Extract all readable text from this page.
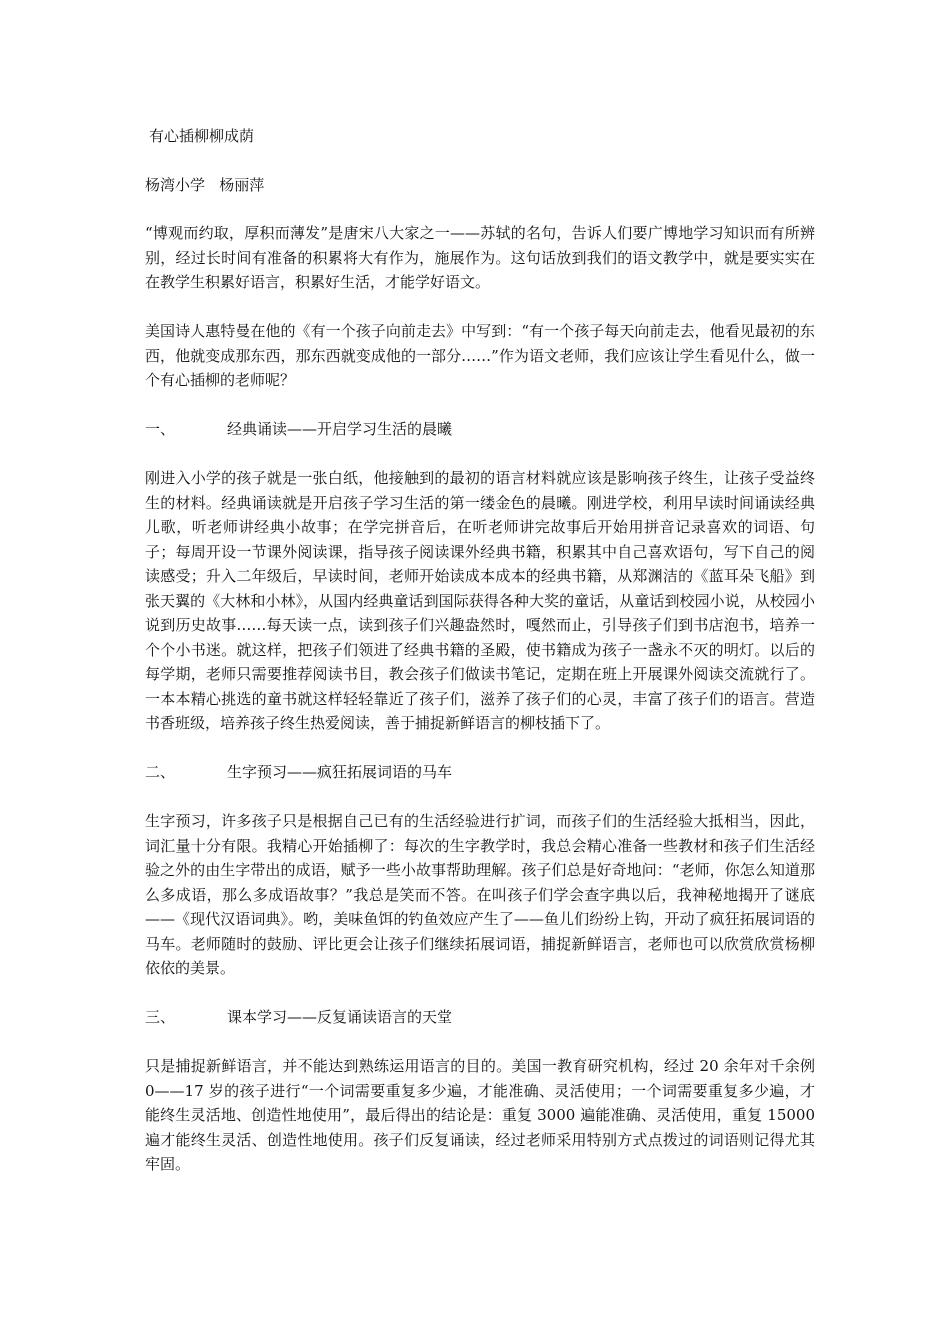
有心插柳柳成荫
杨湾小学   杨丽萍

“博观而约取，厚积而薄发”是唐宋八大家之一——苏轼的名句，告诉人们要广博地学习知识而有所辨别，经过长时间有准备的积累将大有作为，施展作为。这句话放到我们的语文教学中，就是要实实在在教学生积累好语言，积累好生活，才能学好语文。

美国诗人惠特曼在他的《有一个孩子向前走去》中写到：“有一个孩子每天向前走去，他看见最初的东西，他就变成那东西，那东西就变成他的一部分……”作为语文老师，我们应该让学生看见什么，做一个有心插柳的老师呢？

一、	经典诵读——开启学习生活的晨曦

刚进入小学的孩子就是一张白纸，他接触到的最初的语言材料就应该是影响孩子终生，让孩子受益终生的材料。经典诵读就是开启孩子学习生活的第一缕金色的晨曦。刚进学校，利用早读时间诵读经典儿歌，听老师讲经典小故事；在学完拼音后，在听老师讲完故事后开始用拼音记录喜欢的词语、句子；每周开设一节课外阅读课，指导孩子阅读课外经典书籍，积累其中自己喜欢语句，写下自己的阅读感受；升入二年级后，早读时间，老师开始读成本成本的经典书籍，从郑渊洁的《蓝耳朵飞船》到张天翼的《大林和小林》，从国内经典童话到国际获得各种大奖的童话，从童话到校园小说，从校园小说到历史故事……每天读一点，读到孩子们兴趣盎然时，嘎然而止，引导孩子们到书店泡书，培养一个个小书迷。就这样，把孩子们领进了经典书籍的圣殿，使书籍成为孩子一盏永不灭的明灯。以后的每学期，老师只需要推荐阅读书目，教会孩子们做读书笔记，定期在班上开展课外阅读交流就行了。一本本精心挑选的童书就这样轻轻靠近了孩子们，滋养了孩子们的心灵，丰富了孩子们的语言。营造书香班级，培养孩子终生热爱阅读，善于捕捉新鲜语言的柳枝插下了。

二、	生字预习——疯狂拓展词语的马车

生字预习，许多孩子只是根据自己已有的生活经验进行扩词，而孩子们的生活经验大抵相当，因此，词汇量十分有限。我精心开始插柳了：每次的生字教学时，我总会精心准备一些教材和孩子们生活经验之外的由生字带出的成语，赋予一些小故事帮助理解。孩子们总是好奇地问：“老师，你怎么知道那么多成语，那么多成语故事？”我总是笑而不答。在叫孩子们学会查字典以后，我神秘地揭开了谜底——《现代汉语词典》。哟，美味鱼饵的钓鱼效应产生了——鱼儿们纷纷上钩，开动了疯狂拓展词语的马车。老师随时的鼓励、评比更会让孩子们继续拓展词语，捕捉新鲜语言，老师也可以欣赏欣赏杨柳依依的美景。

三、	课本学习——反复诵读语言的天堂

只是捕捉新鲜语言，并不能达到熟练运用语言的目的。美国一教育研究机构，经过 20 余年对千余例 0——17 岁的孩子进行“一个词需要重复多少遍，才能准确、灵活使用；一个词需要重复多少遍，才能终生灵活地、创造性地使用”，最后得出的结论是：重复 3000 遍能准确、灵活使用，重复 15000 遍才能终生灵活、创造性地使用。孩子们反复诵读，经过老师采用特别方式点拨过的词语则记得尤其牢固。
